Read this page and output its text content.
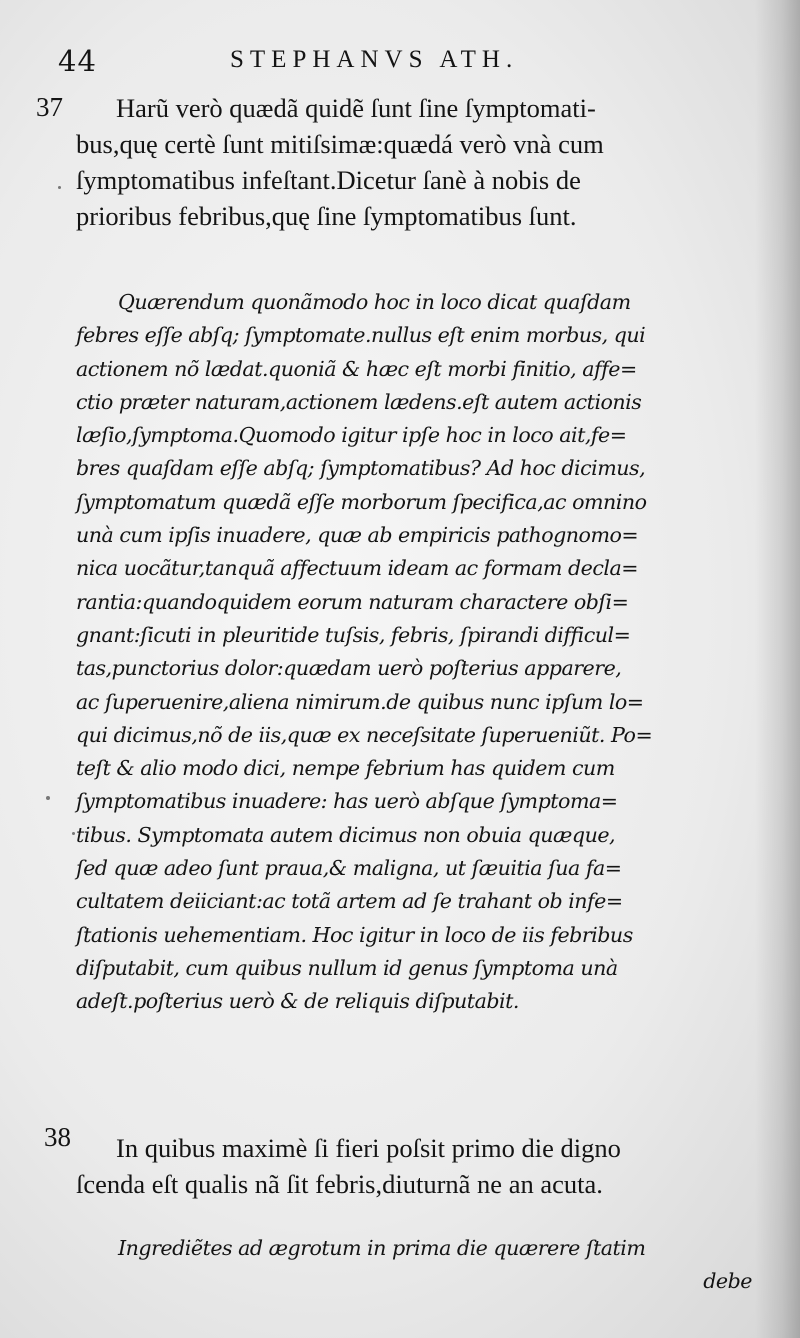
44	STEPHANVS ATH.
37	Harũ verò quædã quidẽ ſunt ſine ſymptomati-
bus,quę certè ſunt mitiſsimæ:quædá verò vnà cum
ſymptomatibus infeſtant.Dicetur ſanè à nobis de
prioribus febribus,quę ſine ſymptomatibus ſunt.
Quærendum quonãmodo hoc in loco dicat quaſdam
febres eſſe abſq; ſymptomate.nullus eſt enim morbus, qui
actionem nõ lædat.quoniã & hæc eſt morbi finitio, affe=
ctio præter naturam,actionem lædens.eſt autem actionis
læſio,ſymptoma.Quomodo igitur ipſe hoc in loco ait,fe=
bres quaſdam eſſe abſq; ſymptomatibus? Ad hoc dicimus,
ſymptomatum quædã eſſe morborum ſpecifica,ac omnino
unà cum ipſis inuadere, quæ ab empiricis pathognomo=
nica uocãtur,tanquã affectuum ideam ac formam decla=
rantia:quandoquidem eorum naturam charactere obſi=
gnant:ſicuti in pleuritide tuſsis, febris, ſpirandi difficul=
tas,punctorius dolor:quædam uerò poſterius apparere,
ac ſuperuenire,aliena nimirum.de quibus nunc ipſum lo=
qui dicimus,nõ de iis,quæ ex neceſsitate ſuperueniũt. Po=
teſt & alio modo dici, nempe febrium has quidem cum
ſymptomatibus inuadere: has uerò abſque ſymptoma=
tibus. Symptomata autem dicimus non obuia quæque,
ſed quæ adeo ſunt praua,& maligna, ut ſæuitia ſua fa=
cultatem deiiciant:ac totã artem ad ſe trahant ob infe=
ſtationis uehementiam. Hoc igitur in loco de iis febribus
diſputabit, cum quibus nullum id genus ſymptoma unà
adeſt.poſterius uerò & de reliquis diſputabit.
38	In quibus maximè ſi fieri poſsit primo die digno
ſcenda eſt qualis nã ſit febris,diuturnã ne an acuta.
Ingrediẽtes ad ægrotum in prima die quærere ſtatim
debe
